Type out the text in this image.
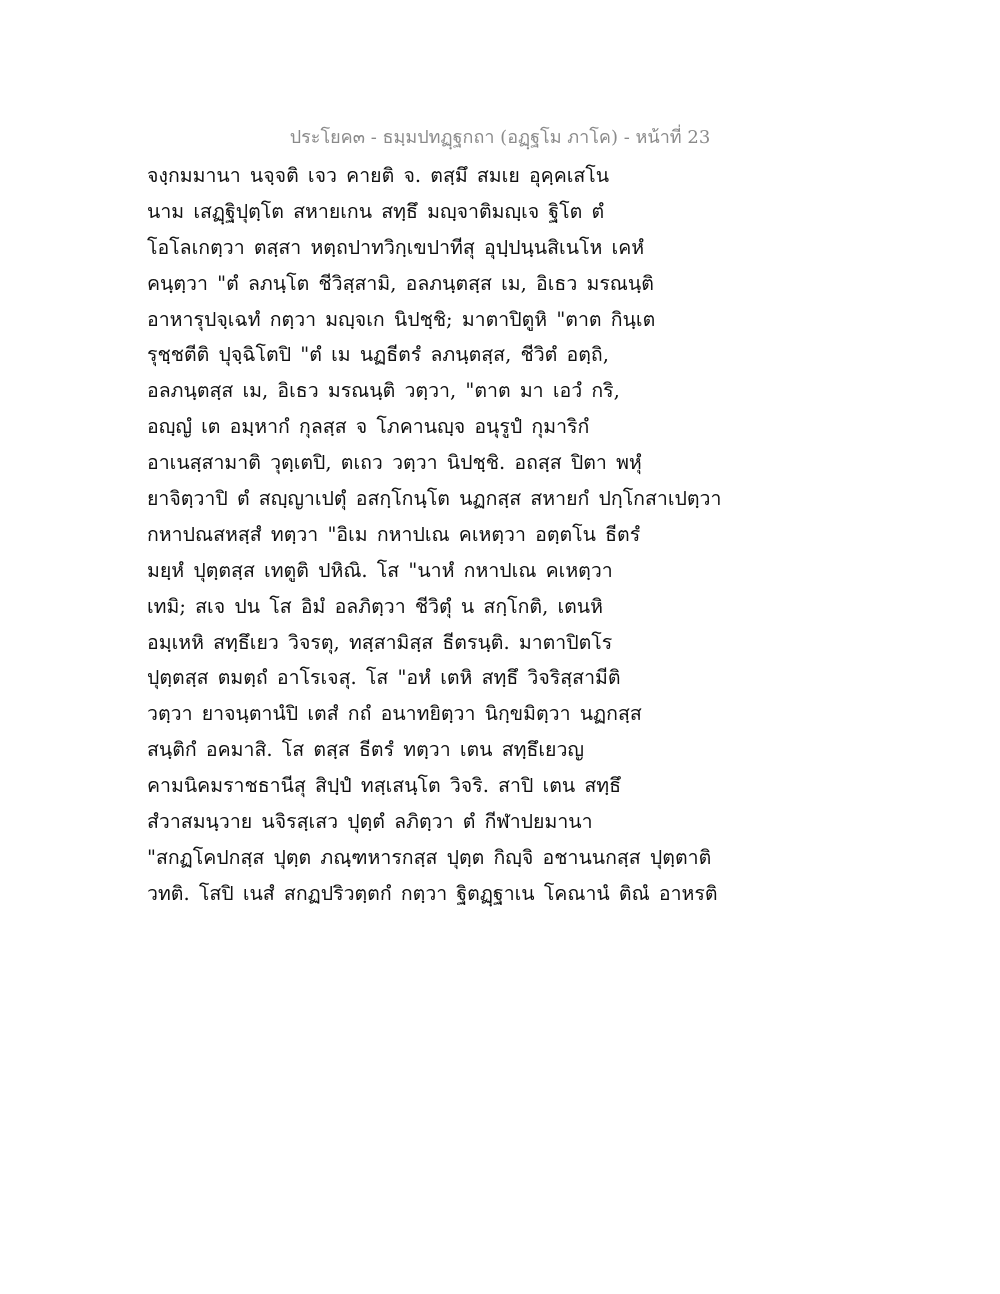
ประโยค๓ - ธมฺมปทฏฺฐกถา (อฏฺฐโม ภาโค) - หน้าที่ 23
จงฺกมมานา นจฺจติ เจว คายติ จ. ตสฺมึ สมเย อุคฺคเสโน
นาม เสฏฺฐิปุตฺโต สหายเกน สทฺธึ มญฺจาติมญฺเจ ฐิโต ตํ
โอโลเกตฺวา ตสฺสา หตฺถปาทวิกฺเขปาทีสุ อุปฺปนฺนสิเนโห เคหํ
คนฺตฺวา "ตํ ลภนฺโต ชีวิสฺสามิ, อลภนฺตสฺส เม, อิเธว มรณนฺติ
อาหารุปจฺเฉทํ กตฺวา มญฺจเก นิปชฺชิ; มาตาปิตูหิ "ตาต กินฺเต
รุชฺชตีติ ปุจฺฉิโตปิ "ตํ เม นฏธีตรํ ลภนฺตสฺส, ชีวิตํ อตฺถิ,
อลภนฺตสฺส เม, อิเธว มรณนฺติ วตฺวา, "ตาต มา เอวํ กริ,
อญฺญํ เต อมฺหากํ กุลสฺส จ โภคานญฺจ อนุรูปํ กุมาริกํ
อาเนสฺสามาติ วุตฺเตปิ, ตเถว วตฺวา นิปชฺชิ. อถสฺส ปิตา พหุํ
ยาจิตฺวาปิ ตํ สญฺญาเปตุํ อสกฺโกนฺโต นฏกสฺส สหายกํ ปกฺโกสาเปตฺวา
กหาปณสหสฺสํ ทตฺวา "อิเม กหาปเณ คเหตฺวา อตฺตโน ธีตรํ
มยฺหํ ปุตฺตสฺส เทตูติ ปหิณิ. โส "นาหํ กหาปเณ คเหตฺวา
เทมิ; สเจ ปน โส อิมํ อลภิตฺวา ชีวิตุํ น สกฺโกติ, เตนหิ
อมฺเหหิ สทฺธึเยว วิจรตุ, ทสฺสามิสฺส ธีตรนฺติ. มาตาปิตโร
ปุตฺตสฺส ตมตฺถํ อาโรเจสุ. โส "อหํ เตหิ สทฺธึ วิจริสฺสามีติ
วตฺวา ยาจนฺตานํปิ เตสํ กถํ อนาทยิตฺวา นิกฺขมิตฺวา นฏกสฺส
สนฺติกํ อคมาสิ. โส ตสฺส ธีตรํ ทตฺวา เตน สทฺธึเยวญ
คามนิคมราชธานีสุ สิปฺปํ ทสฺเสนฺโต วิจริ. สาปิ เตน สทฺธึ
สํวาสมนฺวาย นจิรสฺเสว ปุตฺตํ ลภิตฺวา ตํ กีฬาปยมานา
"สกฏโคปกสฺส ปุตฺต ภณฺฑหารกสฺส ปุตฺต กิญฺจิ อชานนกสฺส ปุตฺตาติ
วทติ. โสปิ เนสํ สกฏปริวตฺตกํ กตฺวา ฐิตฏฺฐาเน โคณานํ ติณํ อาหรติ
